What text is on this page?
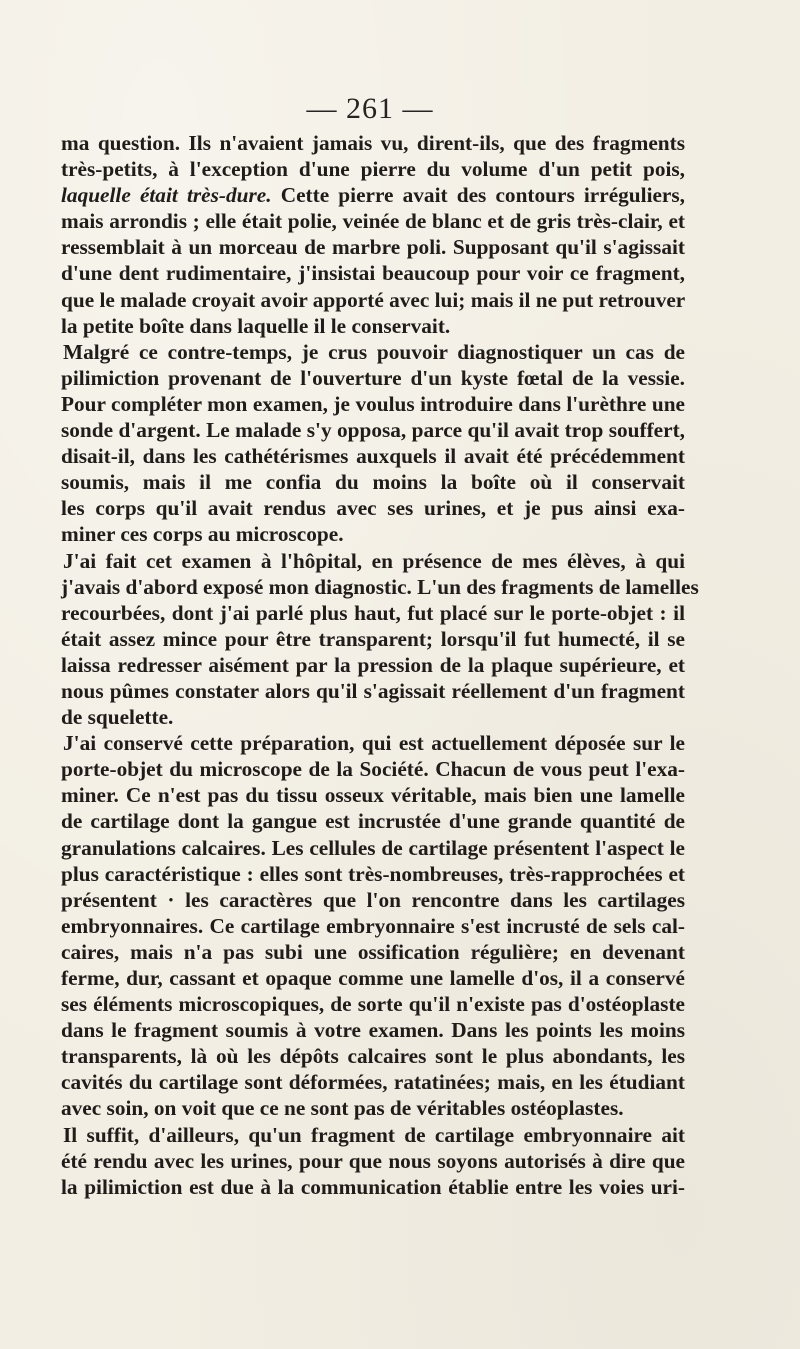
— 261 —
ma question. Ils n'avaient jamais vu, dirent-ils, que des fragments
très-petits, à l'exception d'une pierre du volume d'un petit pois,
laquelle était très-dure. Cette pierre avait des contours irréguliers,
mais arrondis ; elle était polie, veinée de blanc et de gris très-clair, et
ressemblait à un morceau de marbre poli. Supposant qu'il s'agissait
d'une dent rudimentaire, j'insistai beaucoup pour voir ce fragment,
que le malade croyait avoir apporté avec lui; mais il ne put retrouver
la petite boîte dans laquelle il le conservait.
Malgré ce contre-temps, je crus pouvoir diagnostiquer un cas de
pilimiction provenant de l'ouverture d'un kyste fœtal de la vessie.
Pour compléter mon examen, je voulus introduire dans l'urèthre une
sonde d'argent. Le malade s'y opposa, parce qu'il avait trop souffert,
disait-il, dans les cathétérismes auxquels il avait été précédemment
soumis, mais il me confia du moins la boîte où il conservait
les corps qu'il avait rendus avec ses urines, et je pus ainsi exa-
miner ces corps au microscope.
J'ai fait cet examen à l'hôpital, en présence de mes élèves, à qui
j'avais d'abord exposé mon diagnostic. L'un des fragments de lamelles
recourbées, dont j'ai parlé plus haut, fut placé sur le porte-objet : il
était assez mince pour être transparent; lorsqu'il fut humecté, il se
laissa redresser aisément par la pression de la plaque supérieure, et
nous pûmes constater alors qu'il s'agissait réellement d'un fragment
de squelette.
J'ai conservé cette préparation, qui est actuellement déposée sur le
porte-objet du microscope de la Société. Chacun de vous peut l'exa-
miner. Ce n'est pas du tissu osseux véritable, mais bien une lamelle
de cartilage dont la gangue est incrustée d'une grande quantité de
granulations calcaires. Les cellules de cartilage présentent l'aspect le
plus caractéristique : elles sont très-nombreuses, très-rapprochées et
présentent · les caractères que l'on rencontre dans les cartilages
embryonnaires. Ce cartilage embryonnaire s'est incrusté de sels cal-
caires, mais n'a pas subi une ossification régulière; en devenant
ferme, dur, cassant et opaque comme une lamelle d'os, il a conservé
ses éléments microscopiques, de sorte qu'il n'existe pas d'ostéoplaste
dans le fragment soumis à votre examen. Dans les points les moins
transparents, là où les dépôts calcaires sont le plus abondants, les
cavités du cartilage sont déformées, ratatinées; mais, en les étudiant
avec soin, on voit que ce ne sont pas de véritables ostéoplastes.
Il suffit, d'ailleurs, qu'un fragment de cartilage embryonnaire ait
été rendu avec les urines, pour que nous soyons autorisés à dire que
la pilimiction est due à la communication établie entre les voies uri-
